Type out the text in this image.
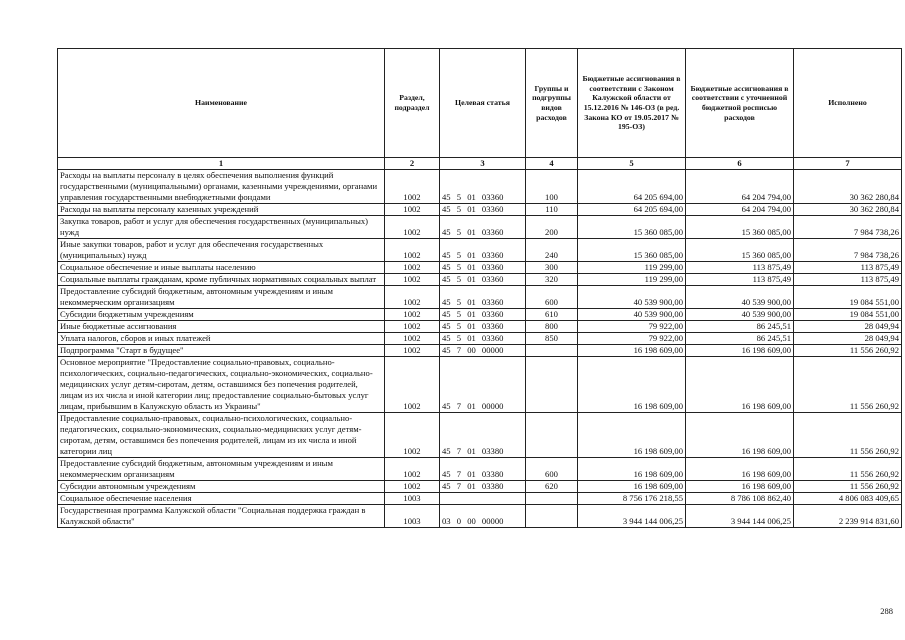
Наименование	Раздел, подраздел	Целевая статья	Группы и подгруппы видов расходов	Бюджетные ассигнования в соответствии с Законом Калужской области от 15.12.2016 № 146-ОЗ (в ред. Закона КО от 19.05.2017 № 195-ОЗ)	Бюджетные ассигнования в соответствии с уточненной бюджетной росписью расходов	Исполнено
1	2	3	4	5	6	7
Расходы на выплаты персоналу в целях обеспечения выполнения функций государственными (муниципальными) органами, казенными учреждениями, органами управления государственными внебюджетными фондами	1002	45 5 01 03360	100	64 205 694,00	64 204 794,00	30 362 280,84
Расходы на выплаты персоналу казенных учреждений	1002	45 5 01 03360	110	64 205 694,00	64 204 794,00	30 362 280,84
Закупка товаров, работ и услуг для обеспечения государственных (муниципальных) нужд	1002	45 5 01 03360	200	15 360 085,00	15 360 085,00	7 984 738,26
Иные закупки товаров, работ и услуг для обеспечения государственных (муниципальных) нужд	1002	45 5 01 03360	240	15 360 085,00	15 360 085,00	7 984 738,26
Социальное обеспечение и иные выплаты населению	1002	45 5 01 03360	300	119 299,00	113 875,49	113 875,49
Социальные выплаты гражданам, кроме публичных нормативных социальных выплат	1002	45 5 01 03360	320	119 299,00	113 875,49	113 875,49
Предоставление субсидий бюджетным, автономным учреждениям и иным некоммерческим организациям	1002	45 5 01 03360	600	40 539 900,00	40 539 900,00	19 084 551,00
Субсидии бюджетным учреждениям	1002	45 5 01 03360	610	40 539 900,00	40 539 900,00	19 084 551,00
Иные бюджетные ассигнования	1002	45 5 01 03360	800	79 922,00	86 245,51	28 049,94
Уплата налогов, сборов и иных платежей	1002	45 5 01 03360	850	79 922,00	86 245,51	28 049,94
Подпрограмма "Старт в будущее"	1002	45 7 00 00000		16 198 609,00	16 198 609,00	11 556 260,92
Основное мероприятие "Предоставление социально-правовых, социально-психологических, социально-педагогических, социально-экономических, социально-медицинских услуг детям-сиротам, детям, оставшимся без попечения родителей, лицам из их числа и иной категории лиц; предоставление социально-бытовых услуг лицам, прибывшим в Калужскую область из Украины"	1002	45 7 01 00000		16 198 609,00	16 198 609,00	11 556 260,92
Предоставление социально-правовых, социально-психологических, социально-педагогических, социально-экономических, социально-медицинских услуг детям-сиротам, детям, оставшимся без попечения родителей, лицам из их числа и иной категории лиц	1002	45 7 01 03380		16 198 609,00	16 198 609,00	11 556 260,92
Предоставление субсидий бюджетным, автономным учреждениям и иным некоммерческим организациям	1002	45 7 01 03380	600	16 198 609,00	16 198 609,00	11 556 260,92
Субсидии автономным учреждениям	1002	45 7 01 03380	620	16 198 609,00	16 198 609,00	11 556 260,92
Социальное обеспечение населения	1003			8 756 176 218,55	8 786 108 862,40	4 806 083 409,65
Государственная программа Калужской области "Социальная поддержка граждан в Калужской области"	1003	03 0 00 00000		3 944 144 006,25	3 944 144 006,25	2 239 914 831,60
288
